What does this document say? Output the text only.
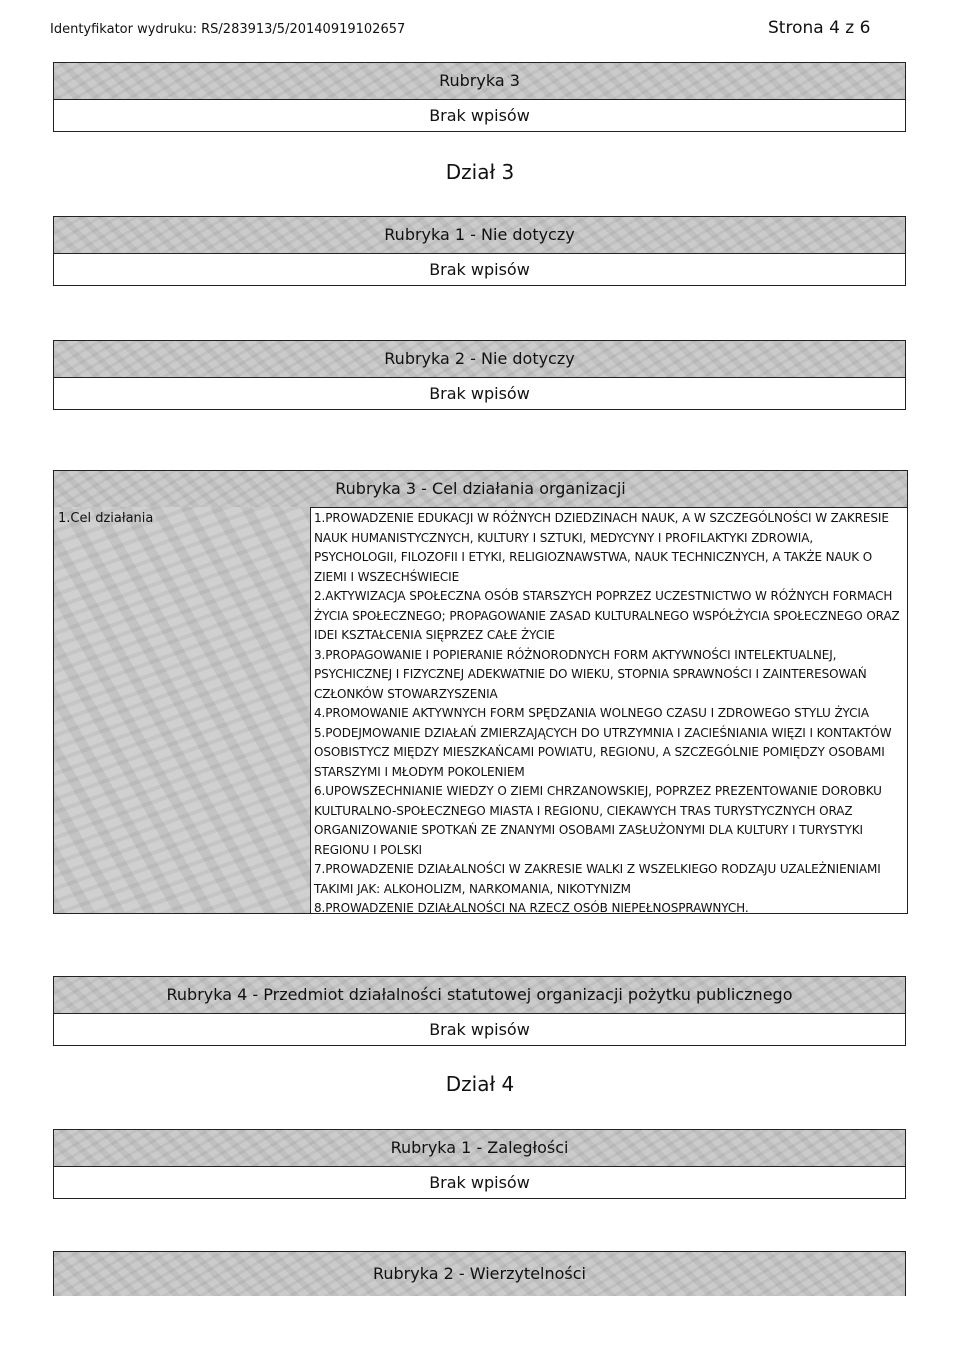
Identyfikator wydruku: RS/283913/5/20140919102657	Strona 4 z 6
Rubryka 3
Brak wpisów
Dział 3
Rubryka 1 - Nie dotyczy
Brak wpisów
Rubryka 2 - Nie dotyczy
Brak wpisów
Rubryka 3 - Cel działania organizacji
1.Cel działania	1.PROWADZENIE EDUKACJI W RÓŻNYCH DZIEDZINACH NAUK, A W SZCZEGÓLNOŚCI W ZAKRESIE

NAUK HUMANISTYCZNYCH, KULTURY I SZTUKI, MEDYCYNY I PROFILAKTYKI ZDROWIA,

PSYCHOLOGII, FILOZOFII I ETYKI, RELIGIOZNAWSTWA, NAUK TECHNICZNYCH, A TAKŻE NAUK O

ZIEMI I WSZECHŚWIECIE

2.AKTYWIZACJA SPOŁECZNA OSÓB STARSZYCH POPRZEZ UCZESTNICTWO W RÓŻNYCH FORMACH

ŻYCIA SPOŁECZNEGO; PROPAGOWANIE ZASAD KULTURALNEGO WSPÓŁŻYCIA SPOŁECZNEGO ORAZ

IDEI KSZTAŁCENIA SIĘPRZEZ CAŁE ŻYCIE

3.PROPAGOWANIE I POPIERANIE RÓŻNORODNYCH FORM AKTYWNOŚCI INTELEKTUALNEJ,

PSYCHICZNEJ I FIZYCZNEJ ADEKWATNIE DO WIEKU, STOPNIA SPRAWNOŚCI I ZAINTERESOWAŃ

CZŁONKÓW STOWARZYSZENIA

4.PROMOWANIE AKTYWNYCH FORM SPĘDZANIA WOLNEGO CZASU I ZDROWEGO STYLU ŻYCIA

5.PODEJMOWANIE DZIAŁAŃ ZMIERZAJĄCYCH DO UTRZYMNIA I ZACIEŚNIANIA WIĘZI I KONTAKTÓW

OSOBISTYCZ MIĘDZY MIESZKAŃCAMI POWIATU, REGIONU, A SZCZEGÓLNIE POMIĘDZY OSOBAMI

STARSZYMI I MŁODYM POKOLENIEM

6.UPOWSZECHNIANIE WIEDZY O ZIEMI CHRZANOWSKIEJ, POPRZEZ PREZENTOWANIE DOROBKU

KULTURALNO-SPOŁECZNEGO MIASTA I REGIONU, CIEKAWYCH TRAS TURYSTYCZNYCH ORAZ

ORGANIZOWANIE SPOTKAŃ ZE ZNANYMI OSOBAMI ZASŁUŻONYMI DLA KULTURY I TURYSTYKI

REGIONU I POLSKI

7.PROWADZENIE DZIAŁALNOŚCI W ZAKRESIE WALKI Z WSZELKIEGO RODZAJU UZALEŻNIENIAMI

TAKIMI JAK: ALKOHOLIZM, NARKOMANIA, NIKOTYNIZM

8.PROWADZENIE DZIAŁALNOŚCI NA RZECZ OSÓB NIEPEŁNOSPRAWNYCH.

Rubryka 4 - Przedmiot działalności statutowej organizacji pożytku publicznego
Brak wpisów
Dział 4
Rubryka 1 - Zaległości
Brak wpisów
Rubryka 2 - Wierzytelności
